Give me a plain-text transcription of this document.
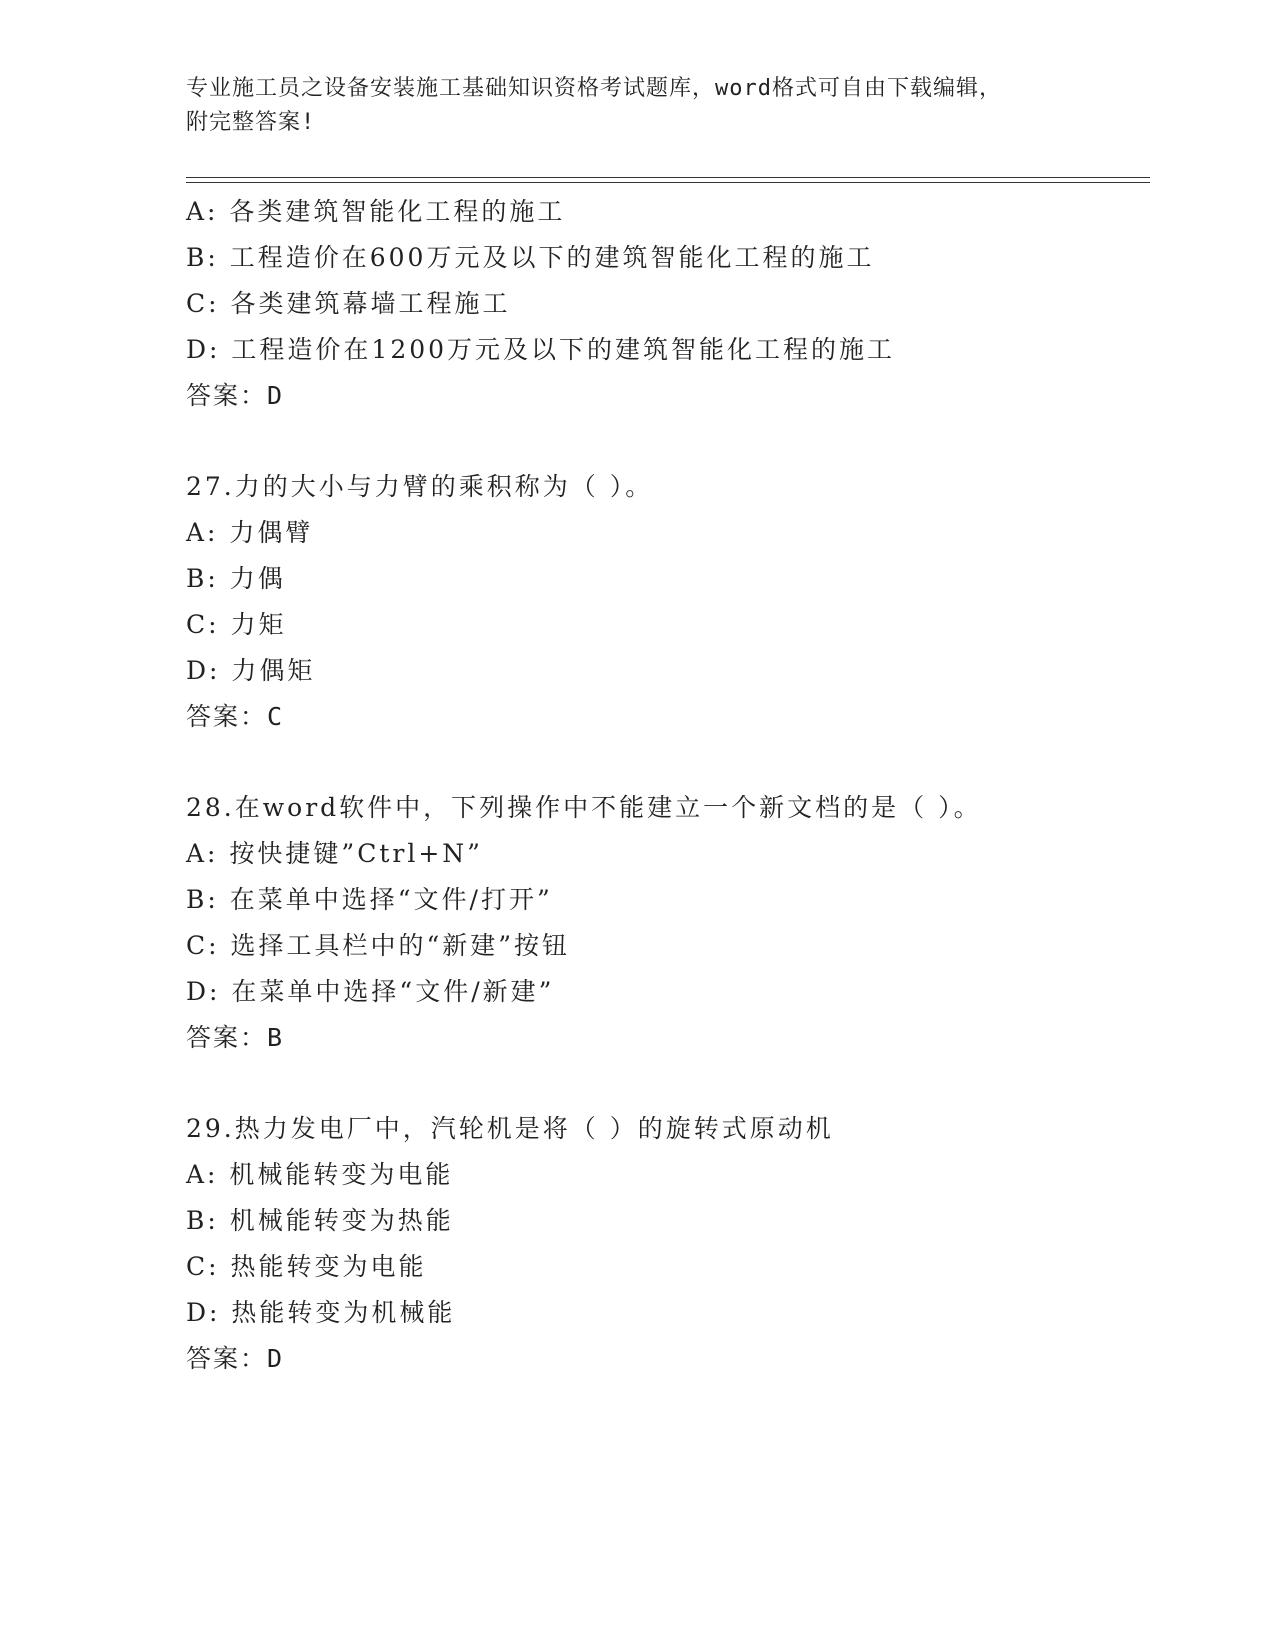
专业施工员之设备安装施工基础知识资格考试题库，word格式可自由下载编辑，
附完整答案!
A: 各类建筑智能化工程的施工
B: 工程造价在600万元及以下的建筑智能化工程的施工
C: 各类建筑幕墙工程施工
D: 工程造价在1200万元及以下的建筑智能化工程的施工
答案：D
27.力的大小与力臂的乘积称为（ ）。
A: 力偶臂
B: 力偶
C: 力矩
D: 力偶矩
答案：C
28.在word软件中，下列操作中不能建立一个新文档的是（ ）。
A: 按快捷键”Ctrl+N”
B: 在菜单中选择“文件/打开”
C: 选择工具栏中的“新建”按钮
D: 在菜单中选择“文件/新建”
答案：B
29.热力发电厂中，汽轮机是将（ ）的旋转式原动机
A: 机械能转变为电能
B: 机械能转变为热能
C: 热能转变为电能
D: 热能转变为机械能
答案：D
